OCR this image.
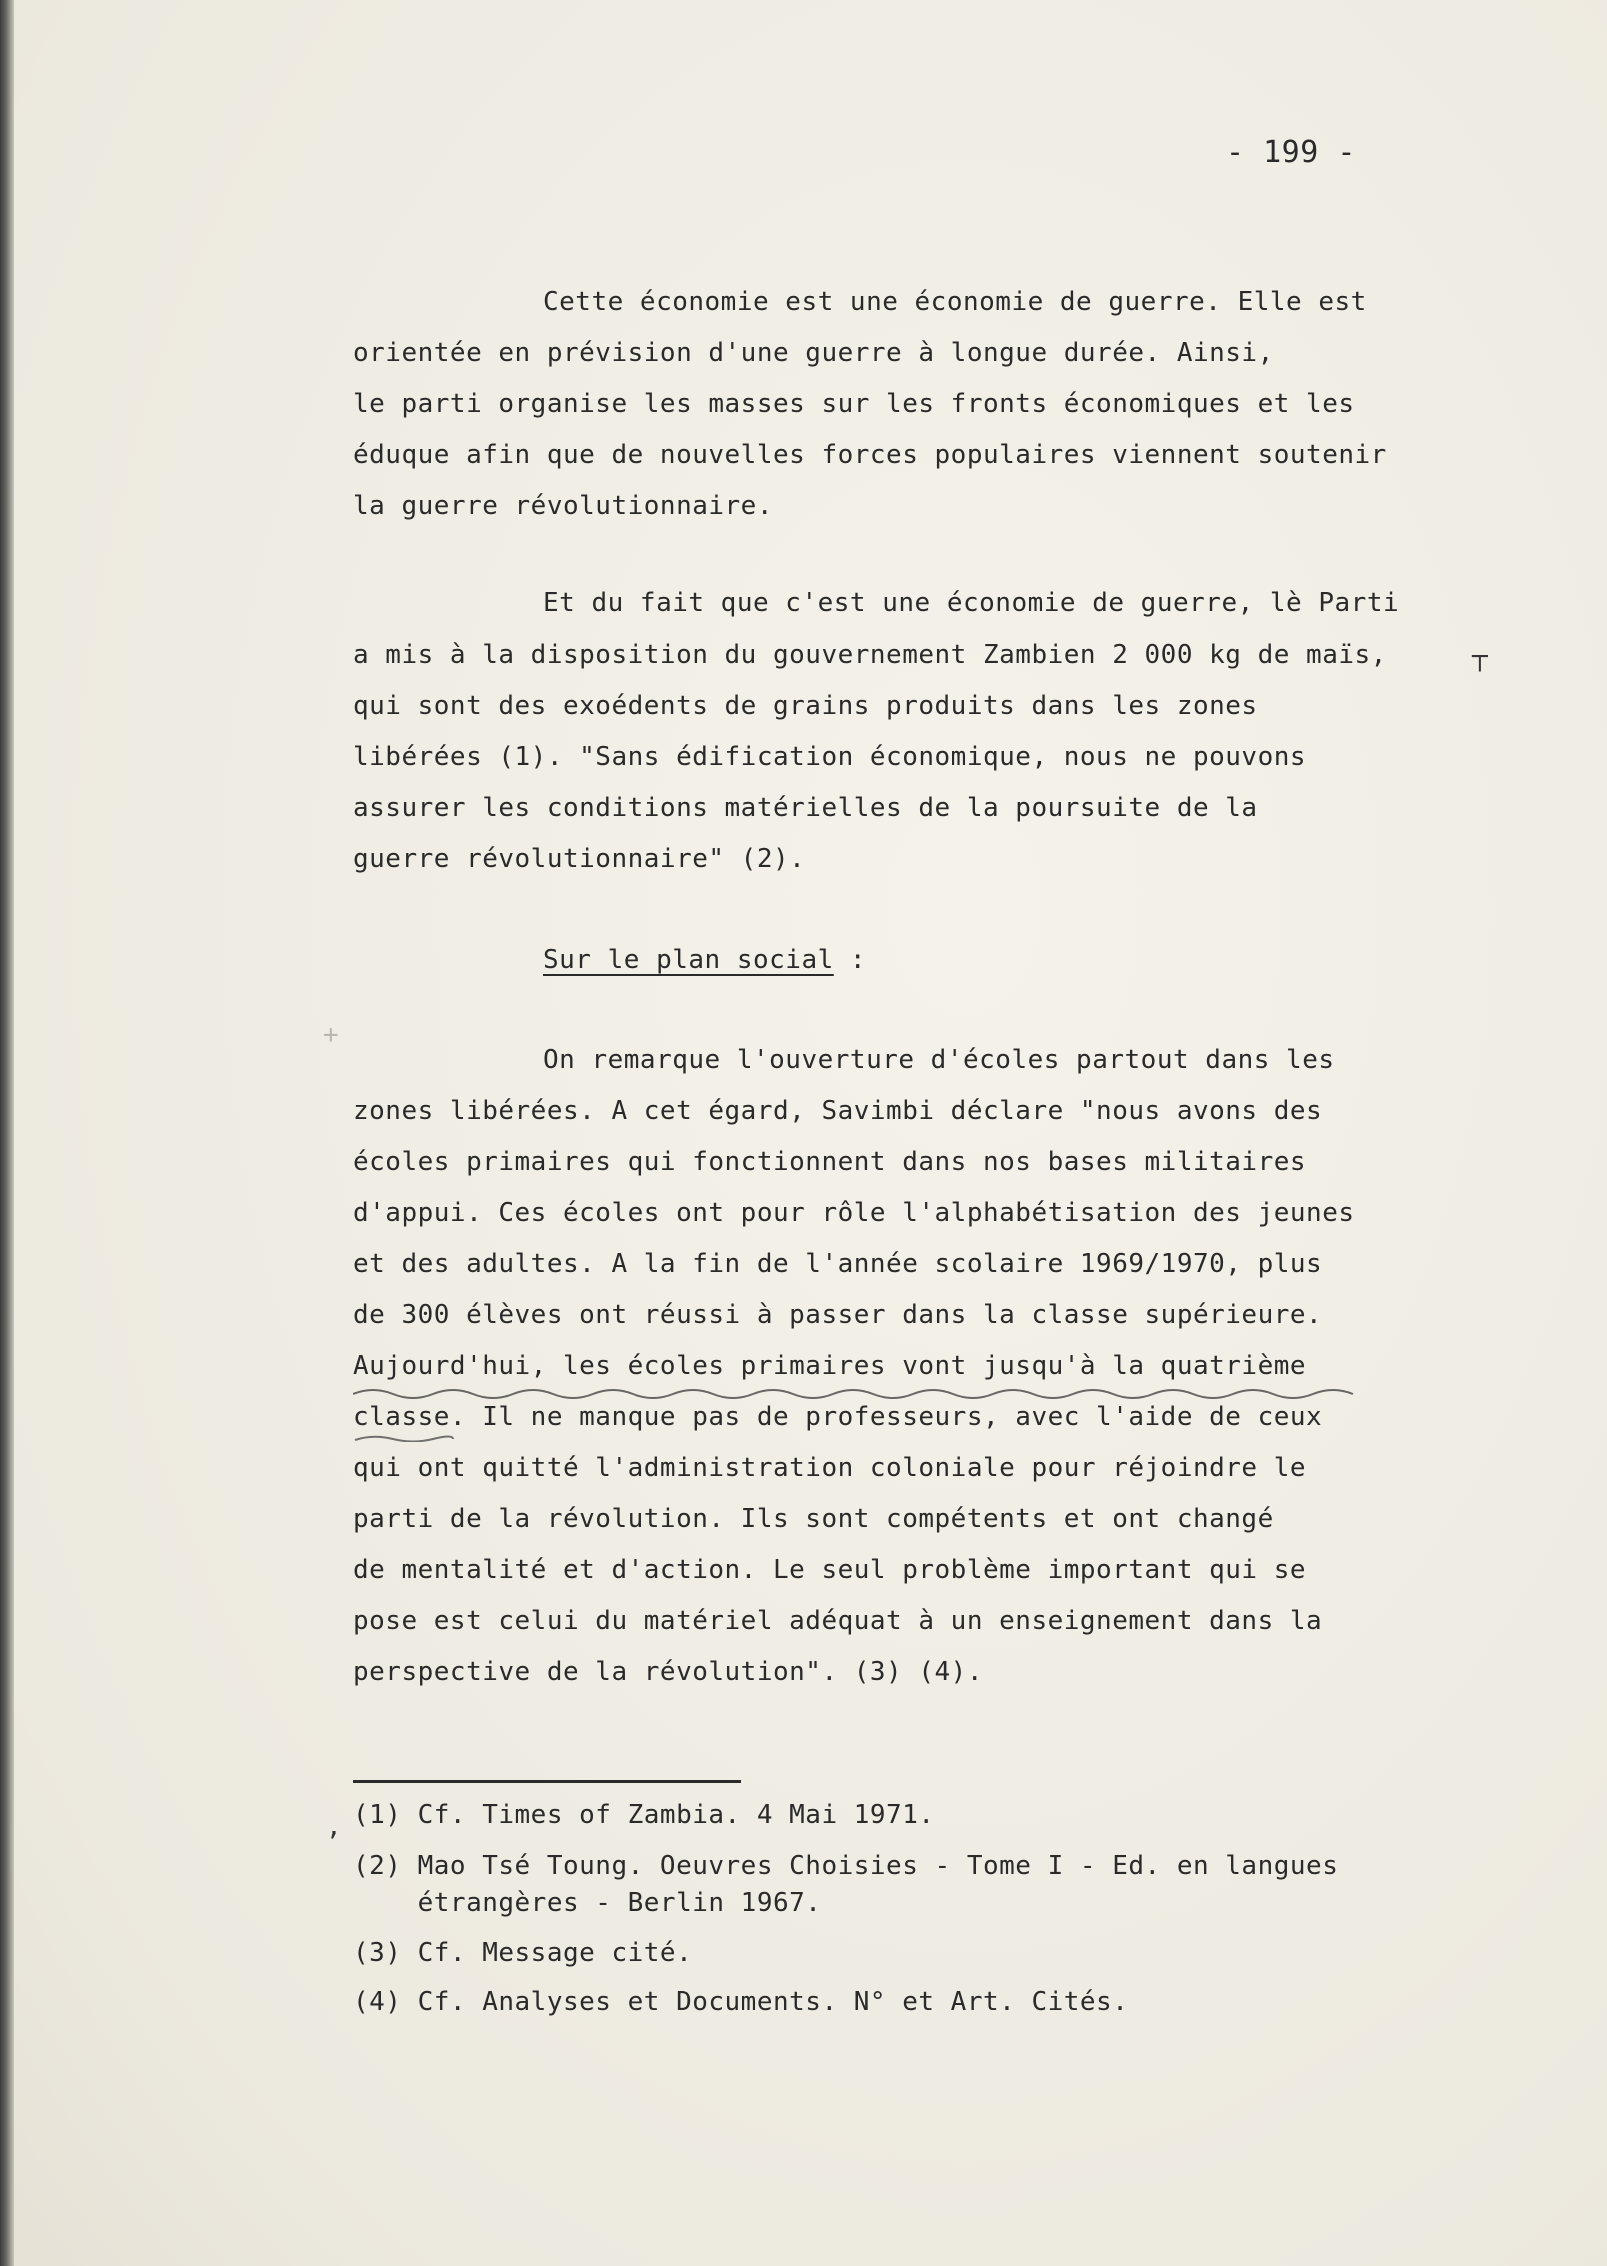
- 199 -
Cette économie est une économie de guerre. Elle est
orientée en prévision d'une guerre à longue durée. Ainsi,
le parti organise les masses sur les fronts économiques et les
éduque afin que de nouvelles forces populaires viennent soutenir
la guerre révolutionnaire.
Et du fait que c'est une économie de guerre, lè Parti
a mis à la disposition du gouvernement Zambien 2 000 kg de maïs,
qui sont des exoédents de grains produits dans les zones
libérées (1). "Sans édification économique, nous ne pouvons
assurer les conditions matérielles de la poursuite de la
guerre révolutionnaire" (2).
Sur le plan social :
On remarque l'ouverture d'écoles partout dans les
zones libérées. A cet égard, Savimbi déclare "nous avons des
écoles primaires qui fonctionnent dans nos bases militaires
d'appui. Ces écoles ont pour rôle l'alphabétisation des jeunes
et des adultes. A la fin de l'année scolaire 1969/1970, plus
de 300 élèves ont réussi à passer dans la classe supérieure.
Aujourd'hui, les écoles primaires vont jusqu'à la quatrième
classe. Il ne manque pas de professeurs, avec l'aide de ceux
qui ont quitté l'administration coloniale pour réjoindre le
parti de la révolution. Ils sont compétents et ont changé
de mentalité et d'action. Le seul problème important qui se
pose est celui du matériel adéquat à un enseignement dans la
perspective de la révolution". (3) (4).
┬
+
, (1) Cf. Times of Zambia. 4 Mai 1971.
(2) Mao Tsé Toung. Oeuvres Choisies - Tome I - Ed. en langues
étrangères - Berlin 1967.
(3) Cf. Message cité.
(4) Cf. Analyses et Documents. N° et Art. Cités.
